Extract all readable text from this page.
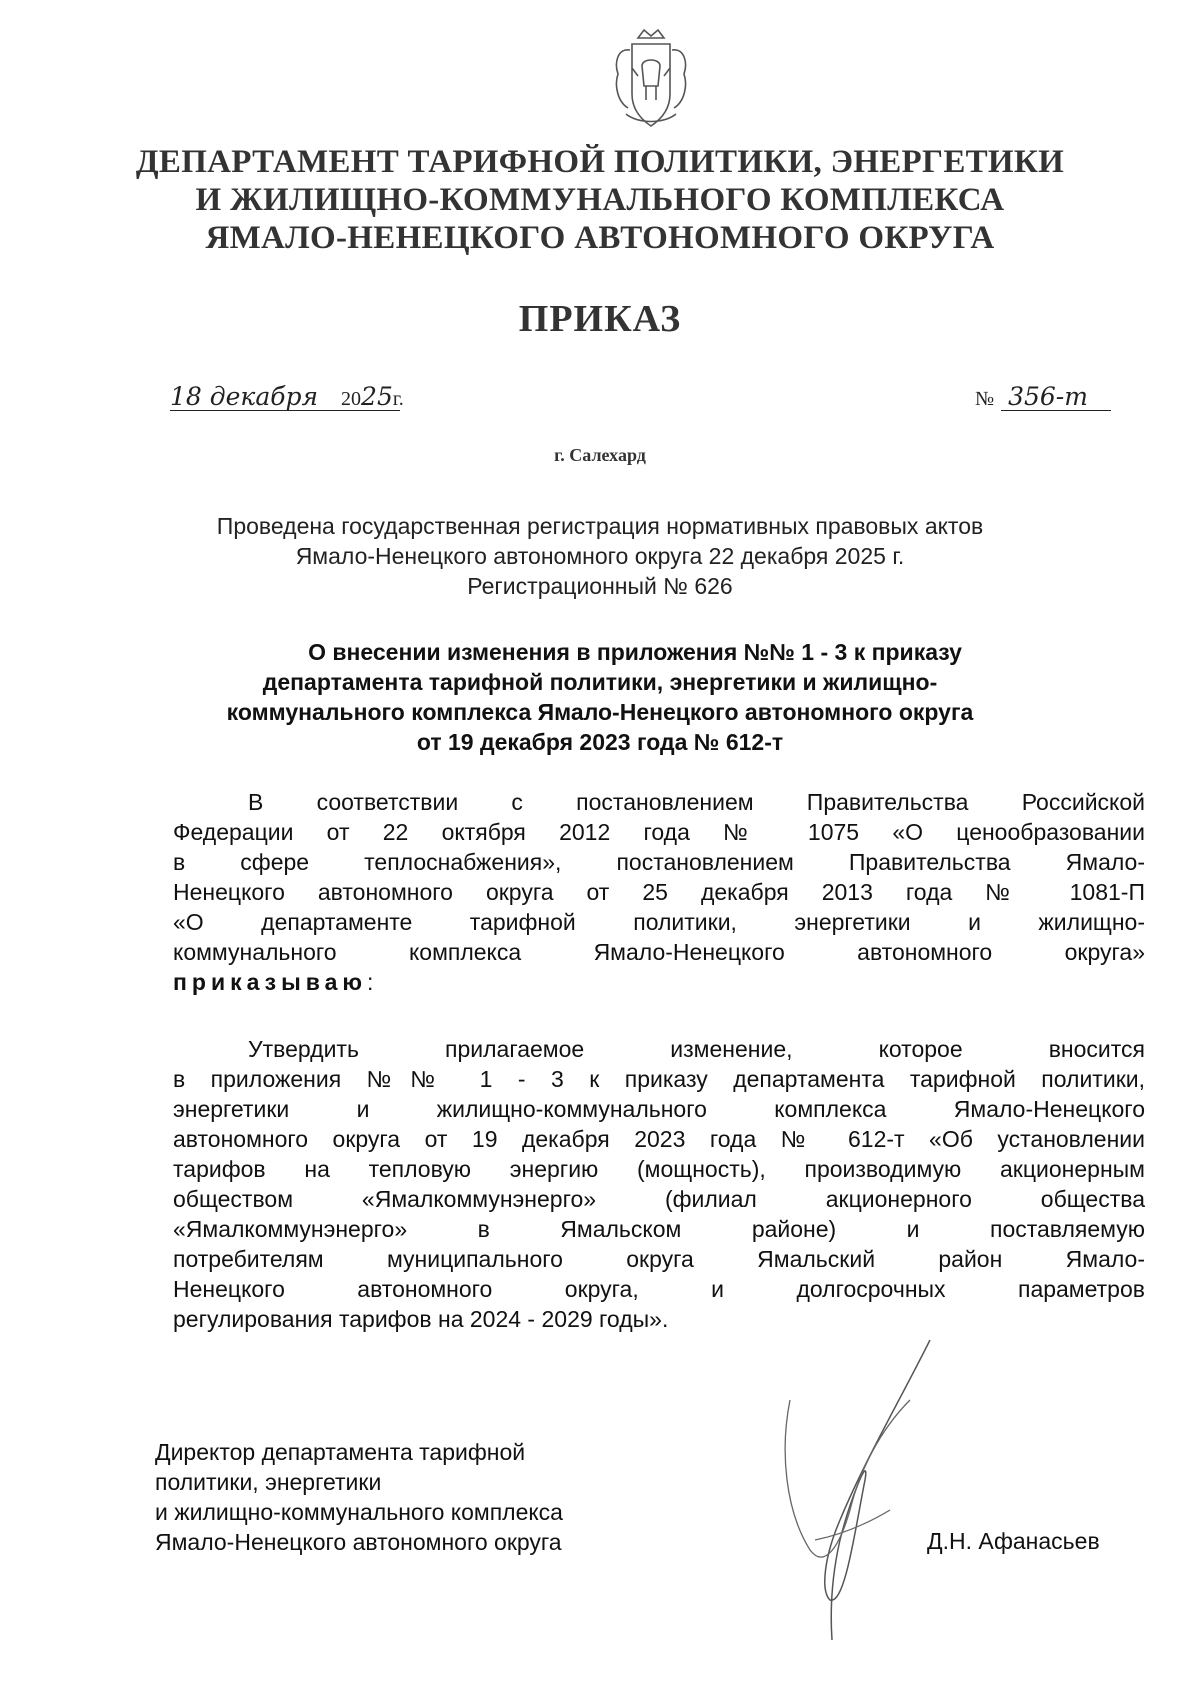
ДЕПАРТАМЕНТ ТАРИФНОЙ ПОЛИТИКИ, ЭНЕРГЕТИКИ
И ЖИЛИЩНО-КОММУНАЛЬНОГО КОМПЛЕКСА
ЯМАЛО-НЕНЕЦКОГО АВТОНОМНОГО ОКРУГА
ПРИКАЗ
18 декабря 2025г.	№ 356-т
г. Салехард
Проведена государственная регистрация нормативных правовых актов
Ямало-Ненецкого автономного округа 22 декабря 2025 г.
Регистрационный № 626
О внесении изменения в приложения №№ 1 - 3 к приказу
департамента тарифной политики, энергетики и жилищно-
коммунального комплекса Ямало-Ненецкого автономного округа
от 19 декабря 2023 года № 612-т
В соответствии с постановлением Правительства Российской
Федерации от 22 октября 2012 года № 1075 «О ценообразовании
в сфере теплоснабжения», постановлением Правительства Ямало-
Ненецкого автономного округа от 25 декабря 2013 года № 1081-П
«О департаменте тарифной политики, энергетики и жилищно-
коммунального комплекса Ямало-Ненецкого автономного округа»
приказываю:
Утвердить прилагаемое изменение, которое вносится
в приложения №№ 1 - 3 к приказу департамента тарифной политики,
энергетики и жилищно-коммунального комплекса Ямало-Ненецкого
автономного округа от 19 декабря 2023 года № 612-т «Об установлении
тарифов на тепловую энергию (мощность), производимую акционерным
обществом «Ямалкоммунэнерго» (филиал акционерного общества
«Ямалкоммунэнерго» в Ямальском районе) и поставляемую
потребителям муниципального округа Ямальский район Ямало-
Ненецкого автономного округа, и долгосрочных параметров
регулирования тарифов на 2024 - 2029 годы».
Директор департамента тарифной
политики, энергетики
и жилищно-коммунального комплекса
Ямало-Ненецкого автономного округа	Д.Н. Афанасьев
